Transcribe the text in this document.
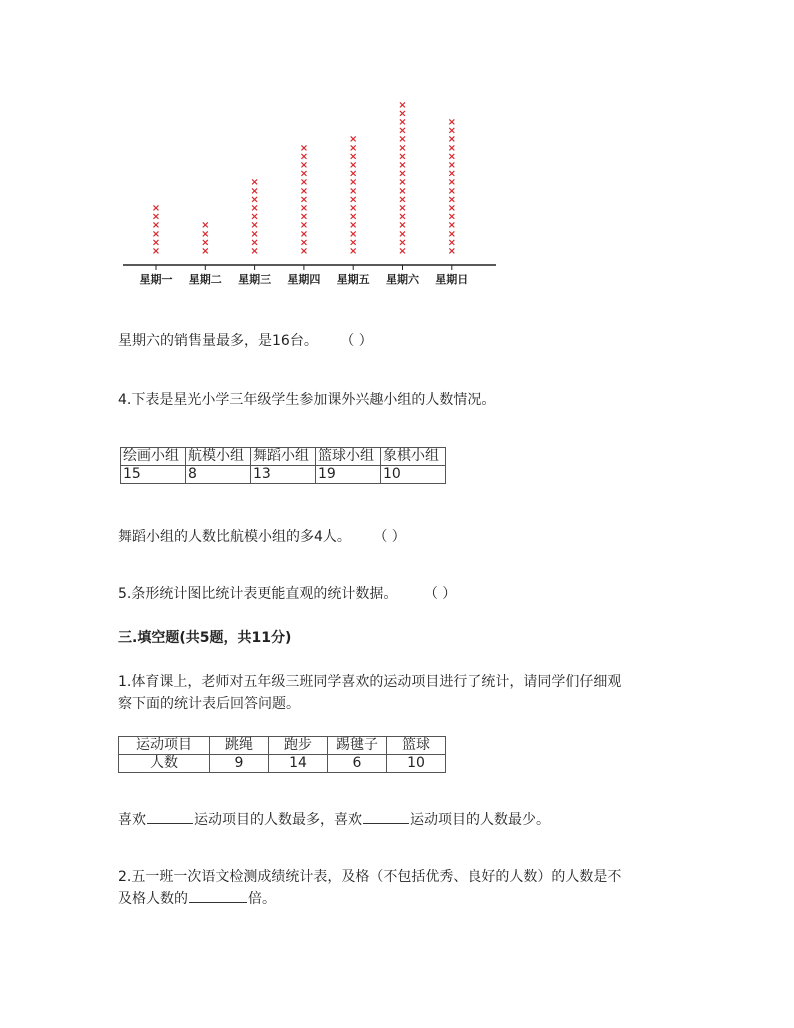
×
×
×
×
×
×
星期一
×
×
×
×
星期二
×
×
×
×
×
×
×
×
×
星期三
×
×
×
×
×
×
×
×
×
×
×
×
×
星期四
×
×
×
×
×
×
×
×
×
×
×
×
×
×
星期五
×
×
×
×
×
×
×
×
×
×
×
×
×
×
×
×
×
×
星期六
×
×
×
×
×
×
×
×
×
×
×
×
×
×
×
×
星期日
星期六的销售量最多，是16台。 （ ）
4.下表是星光小学三年级学生参加课外兴趣小组的人数情况。
绘画小组	航模小组	舞蹈小组	篮球小组	象棋小组
15	8	13	19	10
舞蹈小组的人数比航模小组的多4人。 （ ）
5.条形统计图比统计表更能直观的统计数据。 （ ）
三.填空题(共5题，共11分)
1.体育课上，老师对五年级三班同学喜欢的运动项目进行了统计，请同学们仔细观
察下面的统计表后回答问题。
运动项目	跳绳	跑步	踢毽子	篮球
人数	9	14	6	10
喜欢	运动项目的人数最多，喜欢	运动项目的人数最少。
2.五一班一次语文检测成绩统计表，及格（不包括优秀、良好的人数）的人数是不
及格人数的	倍。
